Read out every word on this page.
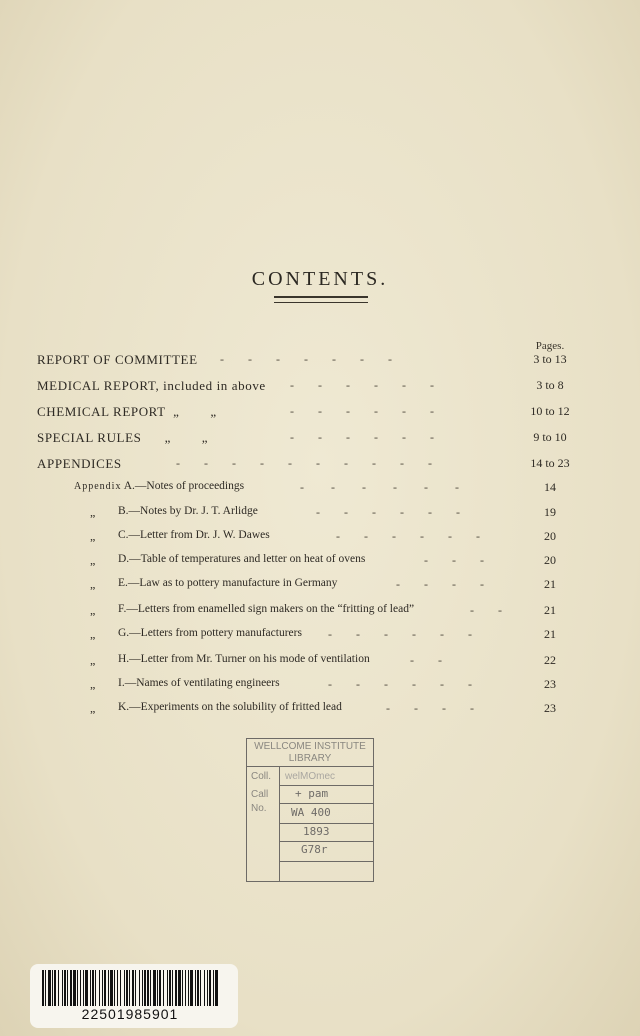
CONTENTS.
Pages.
REPORT OF COMMITTEE -        -        -        -        -        -        -	3 to 13
MEDICAL REPORT, included in above -        -        -        -        -        -	3 to 8
CHEMICAL REPORT  „        „	-        -        -        -        -        -	10 to 12
SPECIAL RULES      „        „	-        -        -        -        -        -	9 to 10
APPENDICES	-        -        -        -        -        -        -        -        -        -	14 to 23
Appendix A.—Notes of proceedings	-         -         -         -         -         -	14
„ B.—Notes by Dr. J. T. Arlidge	-        -        -        -        -        -	19
„ C.—Letter from Dr. J. W. Dawes	-        -        -        -        -        -	20
„ D.—Table of temperatures and letter on heat of ovens	-        -        -	20
„ E.—Law as to pottery manufacture in Germany	-        -        -        -	21
„ F.—Letters from enamelled sign makers on the “fritting of lead”	-        -	21
„ G.—Letters from pottery manufacturers -        -        -        -        -        -	21
„ H.—Letter from Mr. Turner on his mode of ventilation	-        -	22
„ I.—Names of ventilating engineers	-        -        -        -        -        -	23
„ K.—Experiments on the solubility of fritted lead	-        -        -        -	23
WELLCOME INSTITUTE
LIBRARY
Coll. welMOmec
Call
No.
+ pam
WA 400
1893
G78r
22501985901
